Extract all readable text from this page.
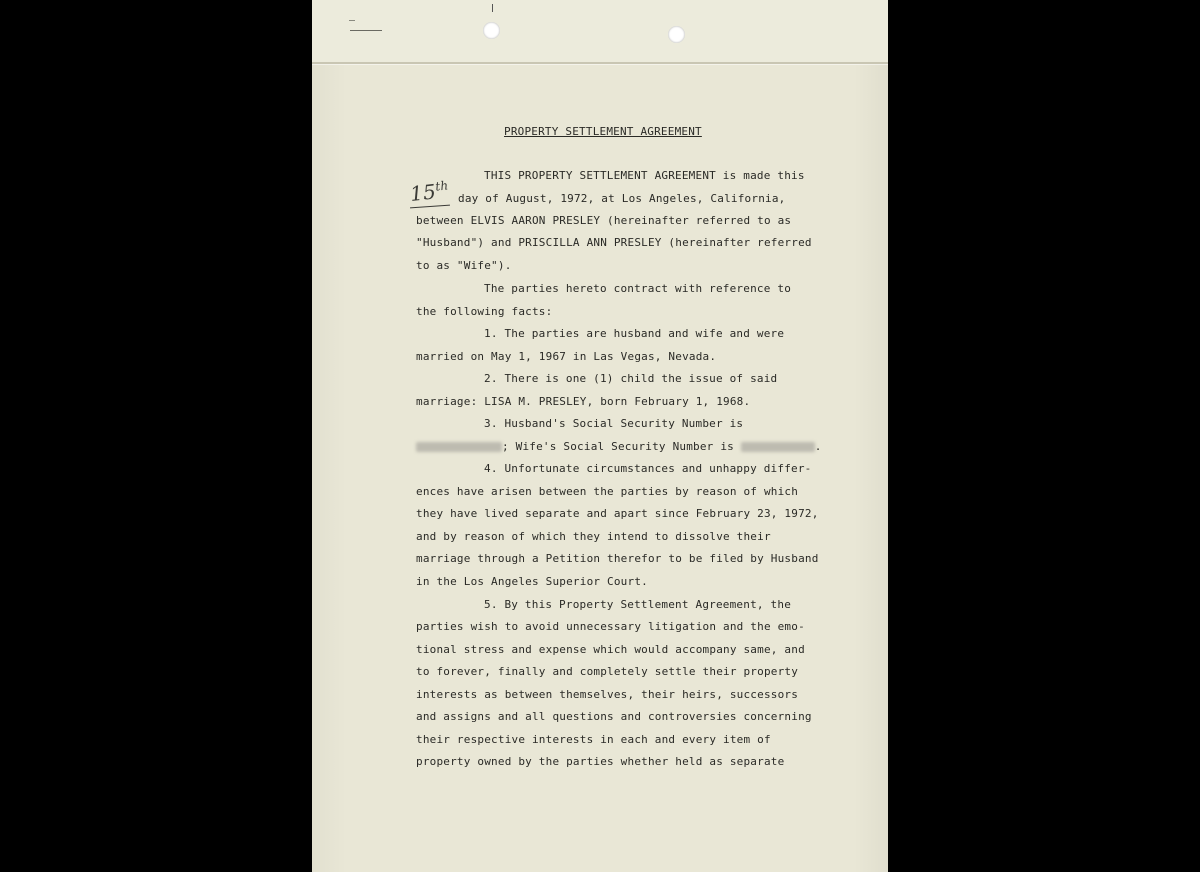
PROPERTY SETTLEMENT AGREEMENT
15th
THIS PROPERTY SETTLEMENT AGREEMENT is made this
day of August, 1972, at Los Angeles, California,
between ELVIS AARON PRESLEY (hereinafter referred to as
"Husband") and PRISCILLA ANN PRESLEY (hereinafter referred
to as "Wife").
The parties hereto contract with reference to
the following facts:
1. The parties are husband and wife and were
married on May 1, 1967 in Las Vegas, Nevada.
2. There is one (1) child the issue of said
marriage: LISA M. PRESLEY, born February 1, 1968.
3. Husband's Social Security Number is
; Wife's Social Security Number is	.
4. Unfortunate circumstances and unhappy differ-
ences have arisen between the parties by reason of which
they have lived separate and apart since February 23, 1972,
and by reason of which they intend to dissolve their
marriage through a Petition therefor to be filed by Husband
in the Los Angeles Superior Court.
5. By this Property Settlement Agreement, the
parties wish to avoid unnecessary litigation and the emo-
tional stress and expense which would accompany same, and
to forever, finally and completely settle their property
interests as between themselves, their heirs, successors
and assigns and all questions and controversies concerning
their respective interests in each and every item of
property owned by the parties whether held as separate
